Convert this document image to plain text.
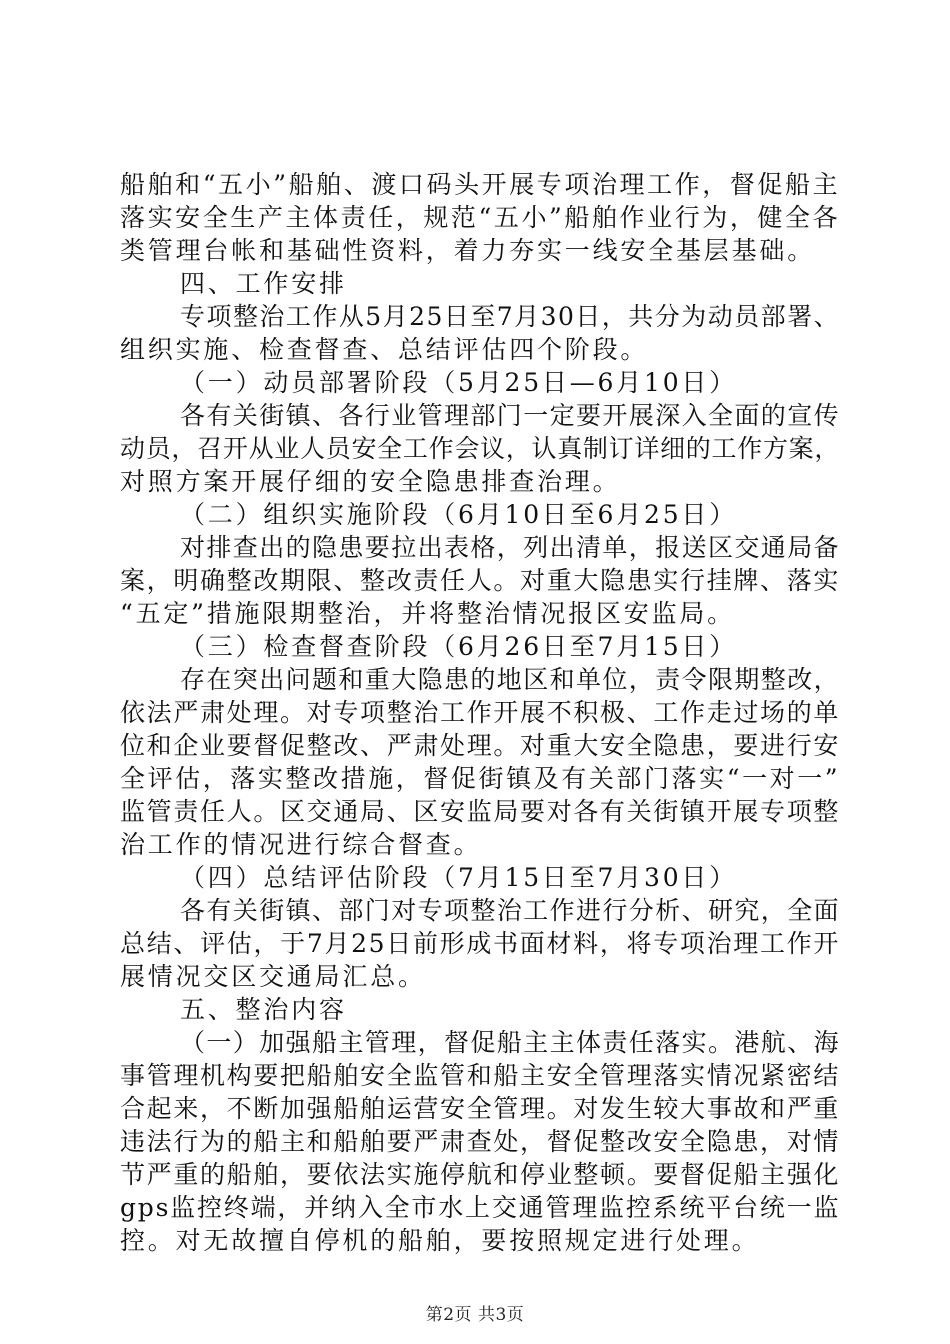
船舶和“五小”船舶、渡口码头开展专项治理工作，督促船主
落实安全生产主体责任，规范“五小”船舶作业行为，健全各
类管理台帐和基础性资料，着力夯实一线安全基层基础。
四、工作安排
专项整治工作从5月25日至7月30日，共分为动员部署、
组织实施、检查督查、总结评估四个阶段。
（一）动员部署阶段（5月25日—6月10日）
各有关街镇、各行业管理部门一定要开展深入全面的宣传
动员，召开从业人员安全工作会议，认真制订详细的工作方案，
对照方案开展仔细的安全隐患排查治理。
（二）组织实施阶段（6月10日至6月25日）
对排查出的隐患要拉出表格，列出清单，报送区交通局备
案，明确整改期限、整改责任人。对重大隐患实行挂牌、落实
“五定”措施限期整治，并将整治情况报区安监局。
（三）检查督查阶段（6月26日至7月15日）
存在突出问题和重大隐患的地区和单位，责令限期整改，
依法严肃处理。对专项整治工作开展不积极、工作走过场的单
位和企业要督促整改、严肃处理。对重大安全隐患，要进行安
全评估，落实整改措施，督促街镇及有关部门落实“一对一”
监管责任人。区交通局、区安监局要对各有关街镇开展专项整
治工作的情况进行综合督查。
（四）总结评估阶段（7月15日至7月30日）
各有关街镇、部门对专项整治工作进行分析、研究，全面
总结、评估，于7月25日前形成书面材料，将专项治理工作开
展情况交区交通局汇总。
五、整治内容
（一）加强船主管理，督促船主主体责任落实。港航、海
事管理机构要把船舶安全监管和船主安全管理落实情况紧密结
合起来，不断加强船舶运营安全管理。对发生较大事故和严重
违法行为的船主和船舶要严肃查处，督促整改安全隐患，对情
节严重的船舶，要依法实施停航和停业整顿。要督促船主强化
gps监控终端，并纳入全市水上交通管理监控系统平台统一监
控。对无故擅自停机的船舶，要按照规定进行处理。
第2页 共3页
